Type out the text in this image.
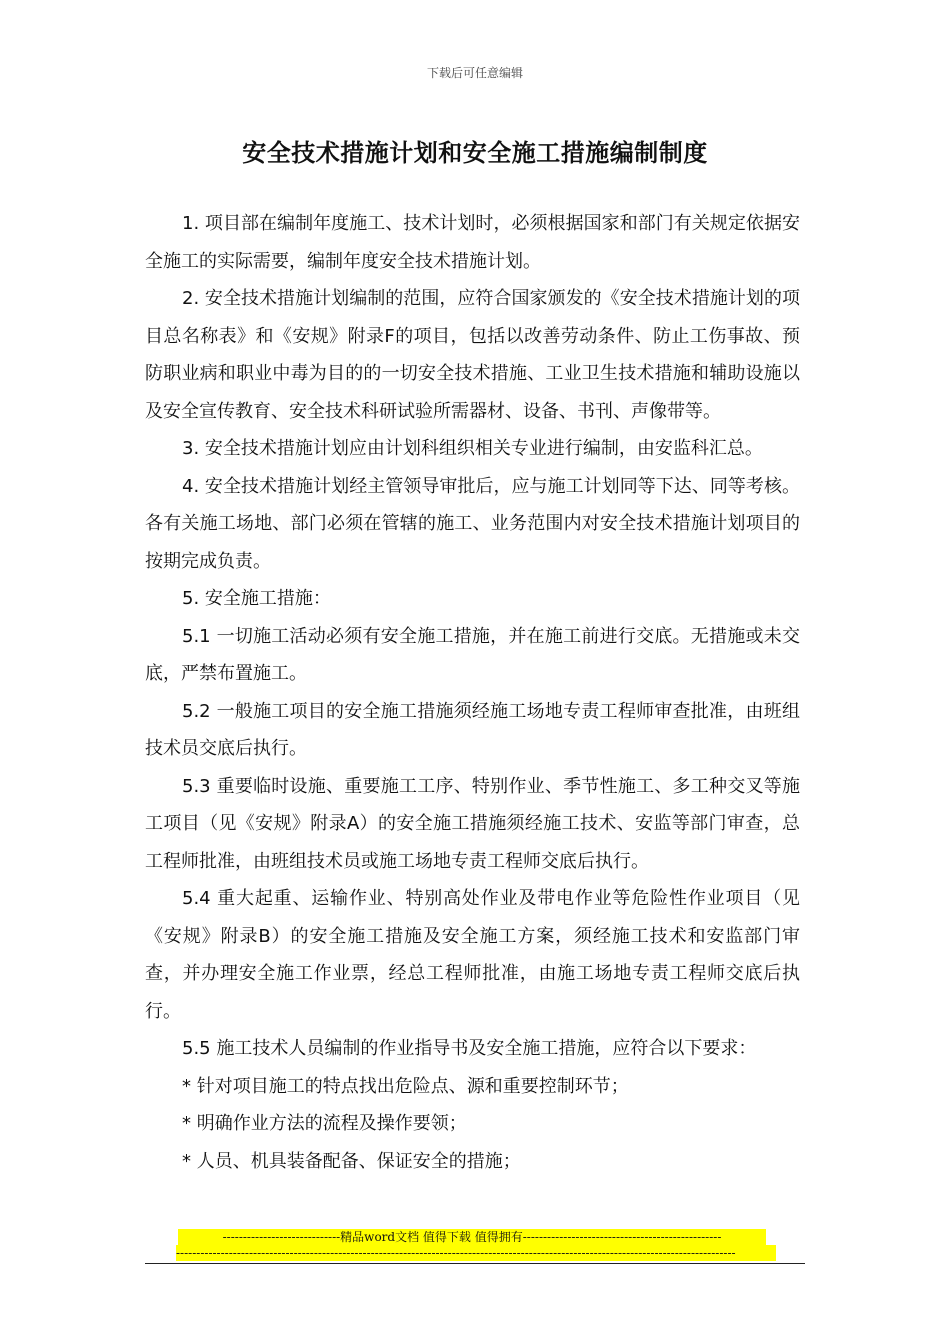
下载后可任意编辑
安全技术措施计划和安全施工措施编制制度

1. 项目部在编制年度施工、技术计划时，必须根据国家和部门有关规定依据安全施工的实际需要，编制年度安全技术措施计划。

2. 安全技术措施计划编制的范围，应符合国家颁发的《安全技术措施计划的项目总名称表》和《安规》附录F的项目，包括以改善劳动条件、防止工伤事故、预防职业病和职业中毒为目的的一切安全技术措施、工业卫生技术措施和辅助设施以及安全宣传教育、安全技术科研试验所需器材、设备、书刊、声像带等。

3. 安全技术措施计划应由计划科组织相关专业进行编制，由安监科汇总。

4. 安全技术措施计划经主管领导审批后，应与施工计划同等下达、同等考核。各有关施工场地、部门必须在管辖的施工、业务范围内对安全技术措施计划项目的按期完成负责。

5. 安全施工措施：

5.1 一切施工活动必须有安全施工措施，并在施工前进行交底。无措施或未交底，严禁布置施工。

5.2 一般施工项目的安全施工措施须经施工场地专责工程师审查批准，由班组技术员交底后执行。

5.3 重要临时设施、重要施工工序、特别作业、季节性施工、多工种交叉等施工项目（见《安规》附录A）的安全施工措施须经施工技术、安监等部门审查，总工程师批准，由班组技术员或施工场地专责工程师交底后执行。

5.4 重大起重、运输作业、特别高处作业及带电作业等危险性作业项目（见《安规》附录B）的安全施工措施及安全施工方案，须经施工技术和安监部门审查，并办理安全施工作业票，经总工程师批准，由施工场地专责工程师交底后执行。

5.5 施工技术人员编制的作业指导书及安全施工措施，应符合以下要求：

* 针对项目施工的特点找出危险点、源和重要控制环节；

* 明确作业方法的流程及操作要领；

* 人员、机具装备配备、保证安全的措施；

-----------------------------精品word文档 值得下载 值得拥有-------------------------------------------------
------------------------------------------------------------------------------------------------------------------------------------------
